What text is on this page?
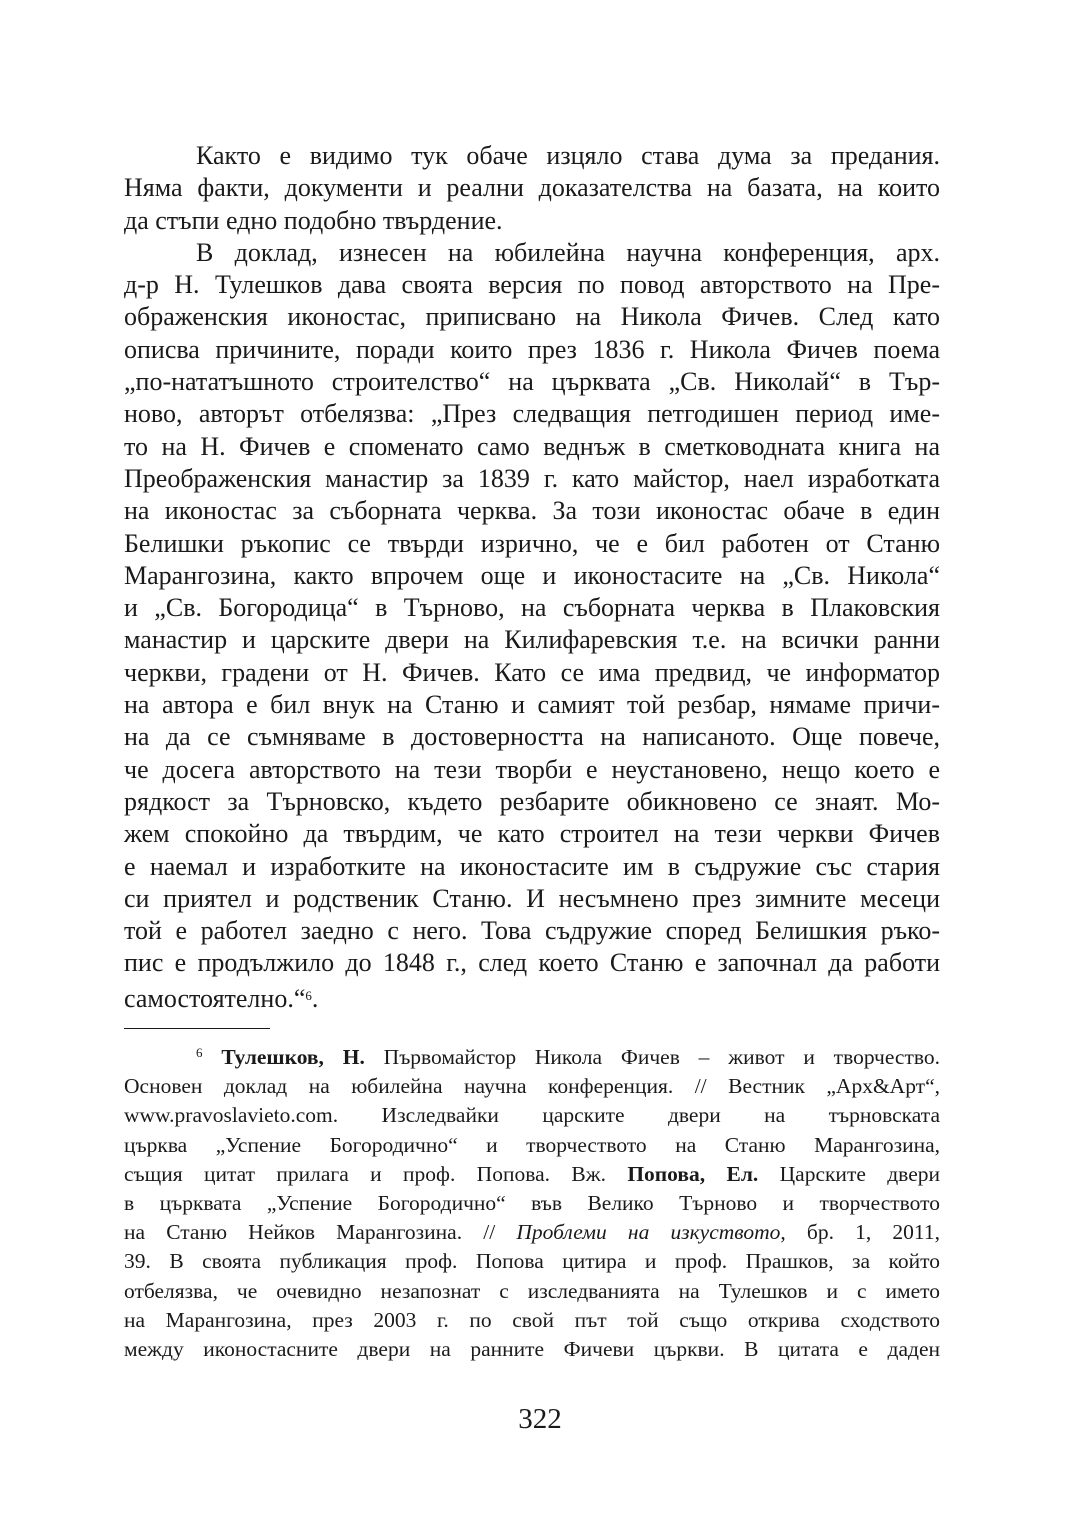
Както е видимо тук обаче изцяло става дума за предания.
Няма факти, документи и реални доказателства на базата, на които
да стъпи едно подобно твърдение.
В доклад, изнесен на юбилейна научна конференция, арх.
д-р Н. Тулешков дава своята версия по повод авторството на Пре-
ображенския иконостас, приписвано на Никола Фичев. След като
описва причините, поради които през 1836 г. Никола Фичев поема
„по-нататъшното строителство“ на църквата „Св. Николай“ в Тър-
ново, авторът отбелязва: „През следващия петгодишен период име-
то на Н. Фичев е споменато само веднъж в сметководната книга на
Преображенския манастир за 1839 г. като майстор, наел изработката
на иконостас за съборната черква. За този иконостас обаче в един
Белишки ръкопис се твърди изрично, че е бил работен от Станю
Марангозина, както впрочем още и иконостасите на „Св. Никола“
и „Св. Богородица“ в Търново, на съборната черква в Плаковския
манастир и царските двери на Килифаревския т.е. на всички ранни
черкви, градени от Н. Фичев. Като се има предвид, че информатор
на автора е бил внук на Станю и самият той резбар, нямаме причи-
на да се съмняваме в достоверността на написаното. Още повече,
че досега авторството на тези творби е неустановено, нещо което е
рядкост за Търновско, където резбарите обикновено се знаят. Мо-
жем спокойно да твърдим, че като строител на тези черкви Фичев
е наемал и изработките на иконостасите им в съдружие със стария
си приятел и родственик Станю. И несъмнено през зимните месеци
той е работел заедно с него. Това съдружие според Белишкия ръко-
пис е продължило до 1848 г., след което Станю е започнал да работи
самостоятелно.“$^6$.
$^6$ Тулешков, Н. Първомайстор Никола Фичев – живот и творчество.
Основен доклад на юбилейна научна конференция. // Вестник „Арх&Арт“,
www.pravoslavieto.com. Изследвайки царските двери на търновската
църква „Успение Богородично“ и творчеството на Станю Марангозина,
същия цитат прилага и проф. Попова. Вж. Попова, Ел. Царските двери
в църквата „Успение Богородично“ във Велико Търново и творчеството
на Станю Нейков Марангозина. // Проблеми на изкуството, бр. 1, 2011,
39. В своята публикация проф. Попова цитира и проф. Прашков, за който
отбелязва, че очевидно незапознат с изследванията на Тулешков и с името
на Марангозина, през 2003 г. по свой път той също открива сходството
между иконостасните двери на ранните Фичеви църкви. В цитата е даден
322
